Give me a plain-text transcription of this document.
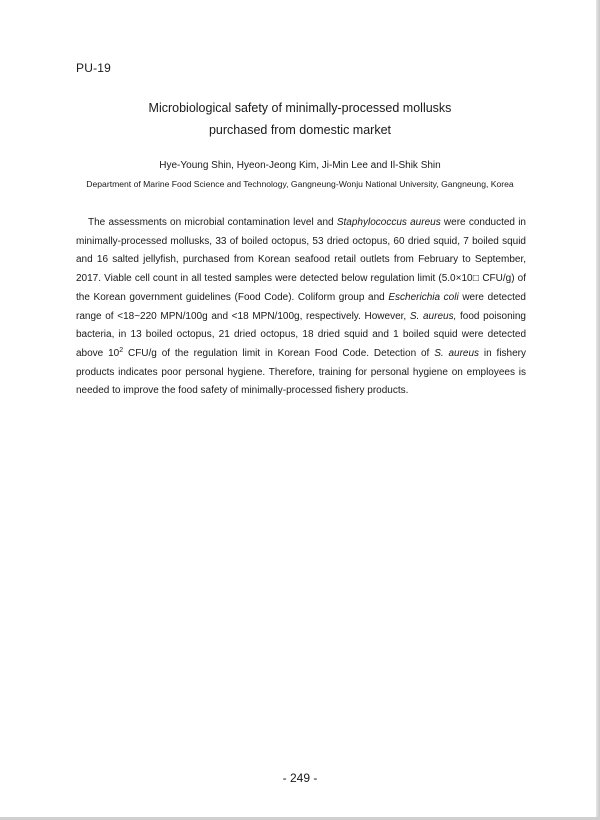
PU-19
Microbiological safety of minimally-processed mollusks
purchased from domestic market
Hye-Young Shin, Hyeon-Jeong Kim, Ji-Min Lee and Il-Shik Shin
Department of Marine Food Science and Technology, Gangneung-Wonju National University, Gangneung, Korea

The assessments on microbial contamination level and Staphylococcus aureus were conducted in minimally-processed mollusks, 33 of boiled octopus, 53 dried octopus, 60 dried squid, 7 boiled squid and 16 salted jellyfish, purchased from Korean seafood retail outlets from February to September, 2017. Viable cell count in all tested samples were detected below regulation limit (5.0×10□ CFU/g) of the Korean government guidelines (Food Code). Coliform group and Escherichia coli were detected range of <18~220 MPN/100g and <18 MPN/100g, respectively. However, S. aureus, food poisoning bacteria, in 13 boiled octopus, 21 dried octopus, 18 dried squid and 1 boiled squid were detected above $10^2$ CFU/g of the regulation limit in Korean Food Code. Detection of S. aureus in fishery products indicates poor personal hygiene. Therefore, training for personal hygiene on employees is needed to improve the food safety of minimally-processed fishery products.

- 249 -
